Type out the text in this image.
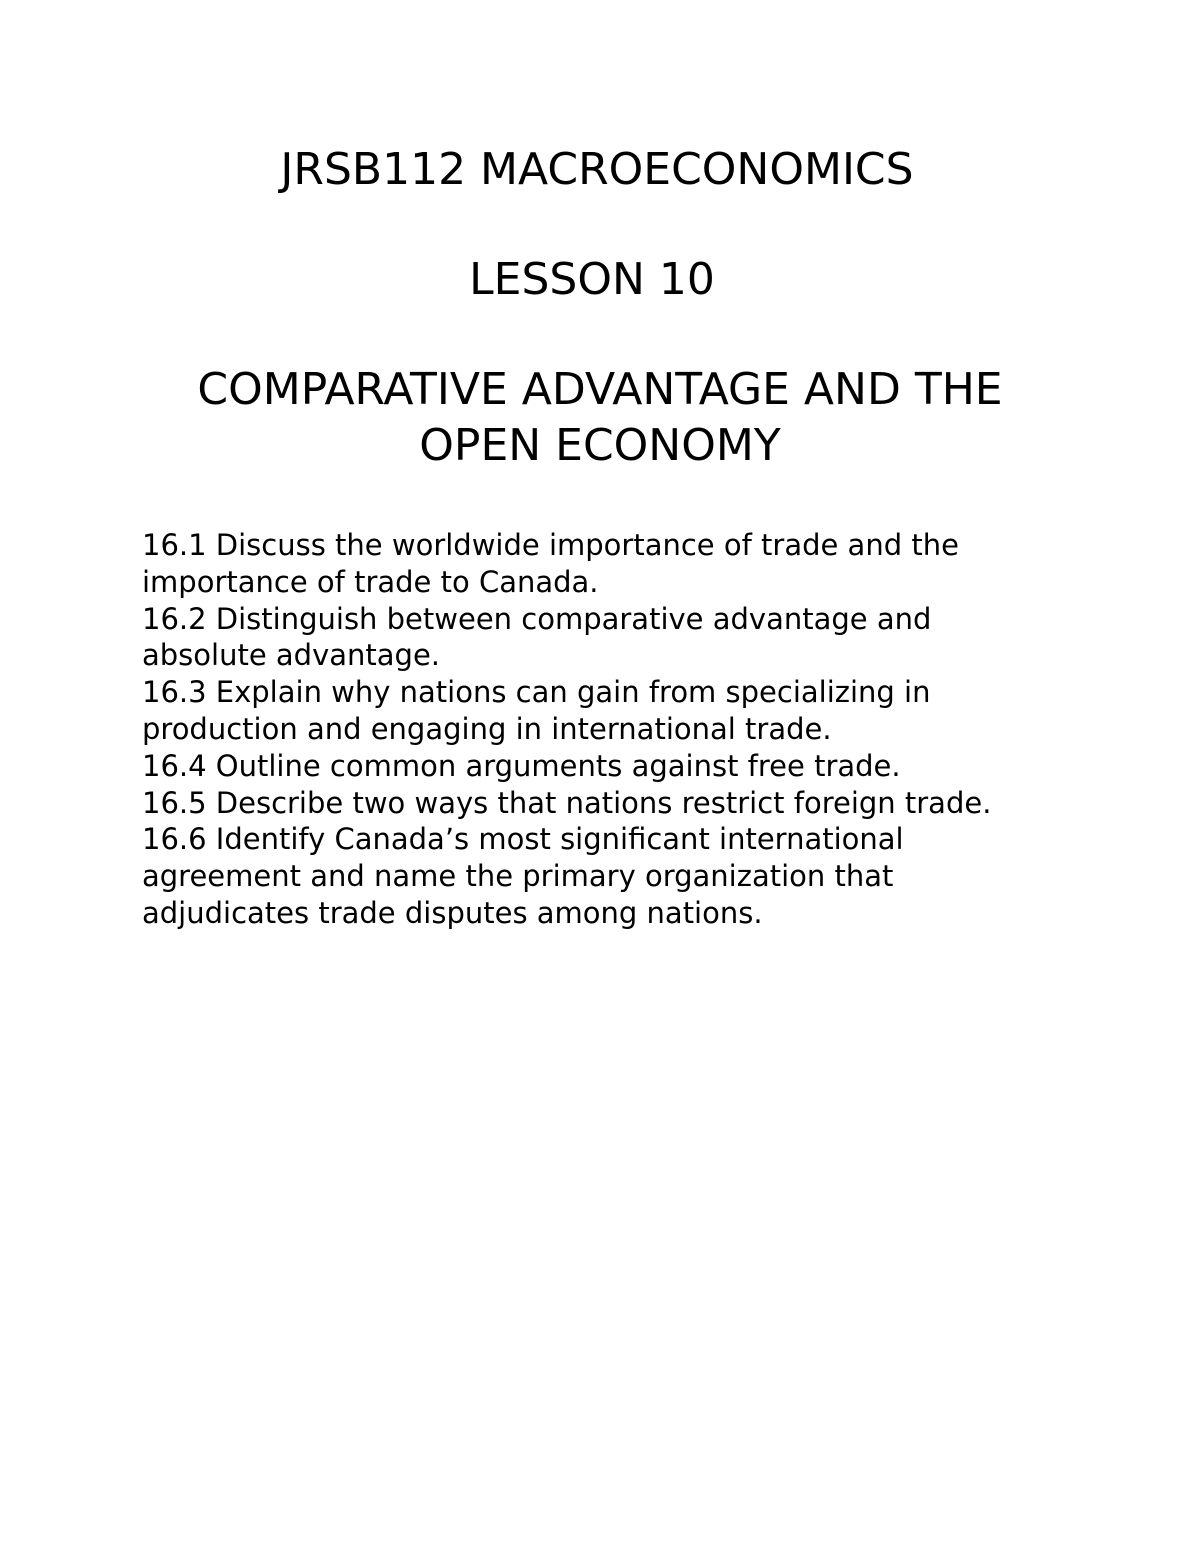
JRSB112 MACROECONOMICS
LESSON 10
COMPARATIVE ADVANTAGE AND THE
OPEN ECONOMY
16.1 Discuss the worldwide importance of trade and the
importance of trade to Canada.
16.2 Distinguish between comparative advantage and
absolute advantage.
16.3 Explain why nations can gain from specializing in
production and engaging in international trade.
16.4 Outline common arguments against free trade.
16.5 Describe two ways that nations restrict foreign trade.
16.6 Identify Canada’s most significant international
agreement and name the primary organization that
adjudicates trade disputes among nations.
